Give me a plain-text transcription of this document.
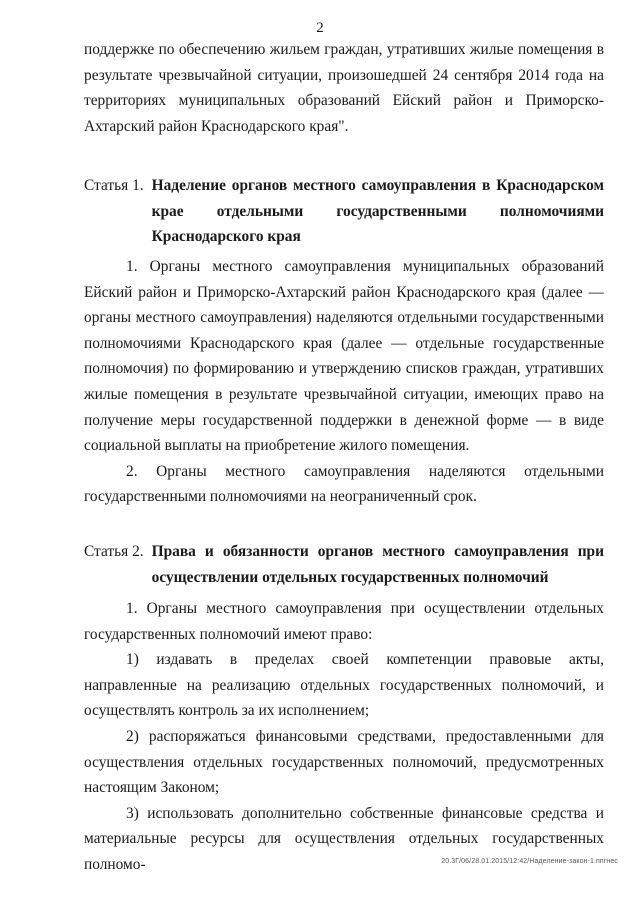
2

поддержке по обеспечению жильем граждан, утративших жилые помещения в результате чрезвычайной ситуации, произошедшей 24 сентября 2014 года на территориях муниципальных образований Ейский район и Приморско-Ахтарский район Краснодарского края".

Статья 1. Наделение органов местного самоуправления в Краснодарском крае отдельными государственными полномочиями Краснодарского края

1. Органы местного самоуправления муниципальных образований Ейский район и Приморско-Ахтарский район Краснодарского края (далее — органы местного самоуправления) наделяются отдельными государственными полномочиями Краснодарского края (далее — отдельные государственные полномочия) по формированию и утверждению списков граждан, утративших жилые помещения в результате чрезвычайной ситуации, имеющих право на получение меры государственной поддержки в денежной форме — в виде социальной выплаты на приобретение жилого помещения.

2. Органы местного самоуправления наделяются отдельными государственными полномочиями на неограниченный срок.

Статья 2. Права и обязанности органов местного самоуправления при осуществлении отдельных государственных полномочий

1. Органы местного самоуправления при осуществлении отдельных государственных полномочий имеют право:

1) издавать в пределах своей компетенции правовые акты, направленные на реализацию отдельных государственных полномочий, и осуществлять контроль за их исполнением;

2) распоряжаться финансовыми средствами, предоставленными для осуществления отдельных государственных полномочий, предусмотренных настоящим Законом;

3) использовать дополнительно собственные финансовые средства и материальные ресурсы для осуществления отдельных государственных полномо-	20.3Г/06/28.01.2015/12:42/Наделение-закон-1.ппгнес
